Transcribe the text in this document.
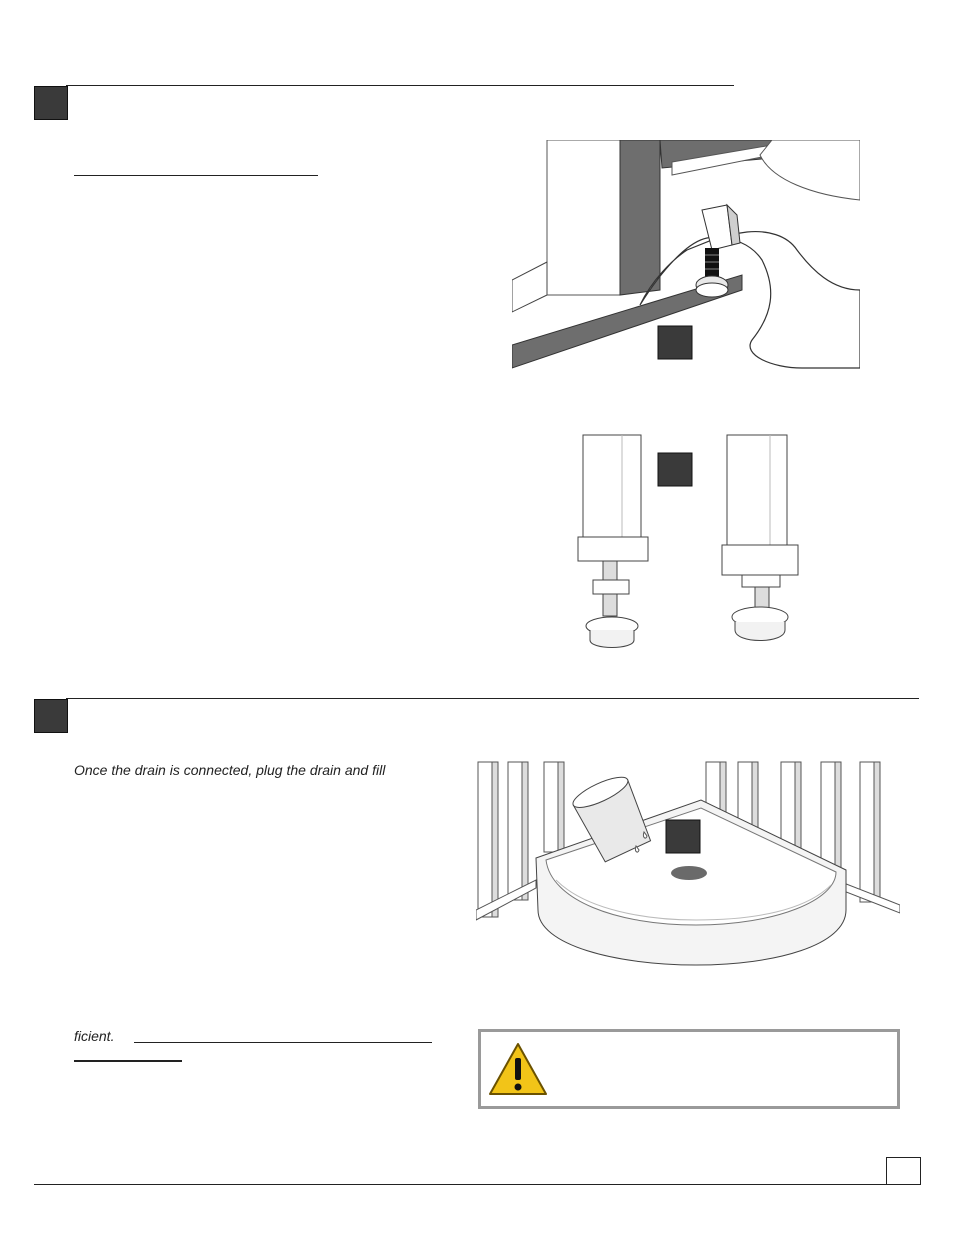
Once the drain is connected, plug the drain and fill
ficient.
